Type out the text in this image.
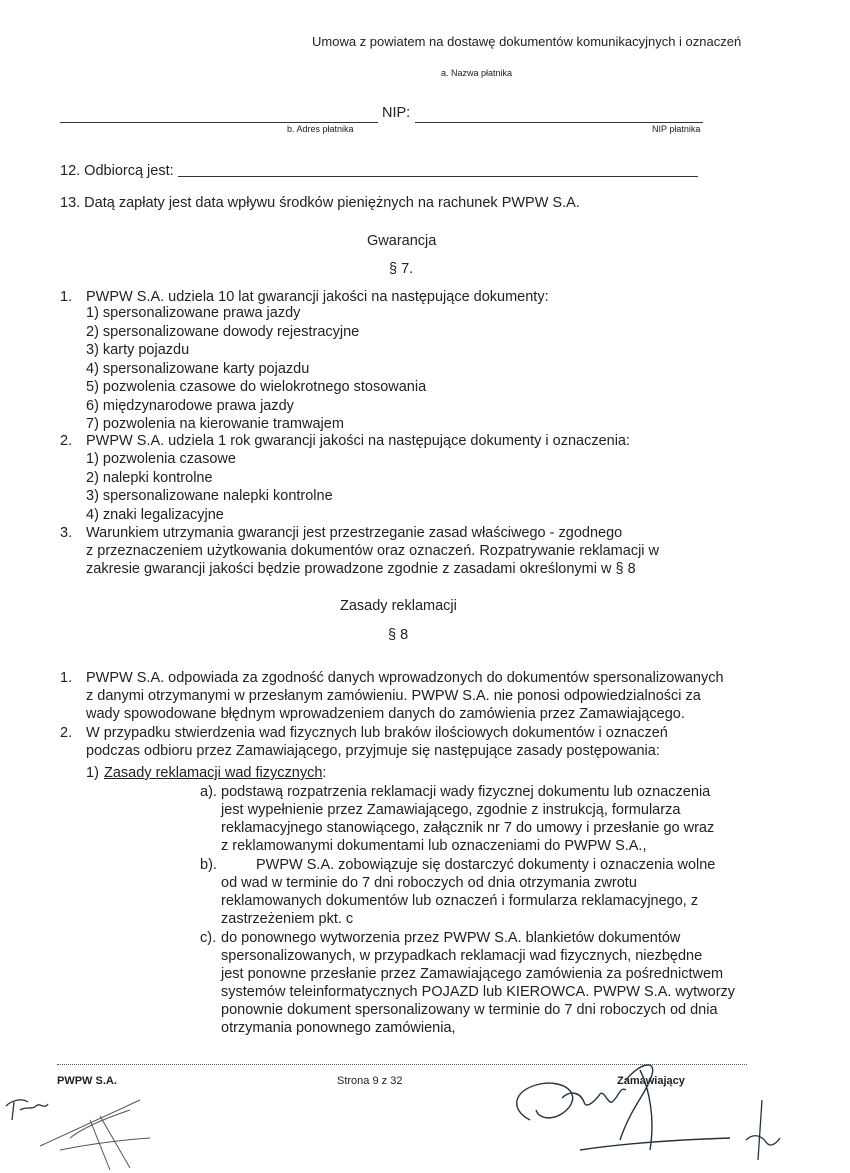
Umowa z powiatem na dostawę dokumentów komunikacyjnych i oznaczeń
a. Nazwa płatnika
NIP:
b. Adres płatnika	NIP płatnika
12. Odbiorcą jest:
13. Datą zapłaty jest data wpływu środków pieniężnych na rachunek PWPW S.A.
Gwarancja
§ 7.
1. PWPW S.A. udziela 10 lat gwarancji jakości na następujące dokumenty:
1) spersonalizowane prawa jazdy
2) spersonalizowane dowody rejestracyjne
3) karty pojazdu
4) spersonalizowane karty pojazdu
5) pozwolenia czasowe do wielokrotnego stosowania
6) międzynarodowe prawa jazdy
7) pozwolenia na kierowanie tramwajem
2. PWPW S.A. udziela 1 rok gwarancji jakości na następujące dokumenty i oznaczenia:
1) pozwolenia czasowe
2) nalepki kontrolne
3) spersonalizowane nalepki kontrolne
4) znaki legalizacyjne
3. Warunkiem utrzymania gwarancji jest przestrzeganie zasad właściwego - zgodnego
z przeznaczeniem użytkowania dokumentów oraz oznaczeń. Rozpatrywanie reklamacji w
zakresie gwarancji jakości będzie prowadzone zgodnie z zasadami określonymi w § 8
Zasady reklamacji
§ 8
1. PWPW S.A. odpowiada za zgodność danych wprowadzonych do dokumentów spersonalizowanych
z danymi otrzymanymi w przesłanym zamówieniu. PWPW S.A. nie ponosi odpowiedzialności za
wady spowodowane błędnym wprowadzeniem danych do zamówienia przez Zamawiającego.
2. W przypadku stwierdzenia wad fizycznych lub braków ilościowych dokumentów i oznaczeń
podczas odbioru przez Zamawiającego, przyjmuje się następujące zasady postępowania:
1) Zasady reklamacji wad fizycznych:
a). podstawą rozpatrzenia reklamacji wady fizycznej dokumentu lub oznaczenia
jest wypełnienie przez Zamawiającego, zgodnie z instrukcją, formularza
reklamacyjnego stanowiącego, załącznik nr 7 do umowy i przesłanie go wraz
z reklamowanymi dokumentami lub oznaczeniami do PWPW S.A.,
b).	PWPW S.A. zobowiązuje się dostarczyć dokumenty i oznaczenia wolne
od wad w terminie do 7 dni roboczych od dnia otrzymania zwrotu
reklamowanych dokumentów lub oznaczeń i formularza reklamacyjnego, z
zastrzeżeniem pkt. c
c). do ponownego wytworzenia przez PWPW S.A. blankietów dokumentów
spersonalizowanych, w przypadkach reklamacji wad fizycznych, niezbędne
jest ponowne przesłanie przez Zamawiającego zamówienia za pośrednictwem
systemów teleinformatycznych POJAZD lub KIEROWCA. PWPW S.A. wytworzy
ponownie dokument spersonalizowany w terminie do 7 dni roboczych od dnia
otrzymania ponownego zamówienia,
PWPW S.A.	Strona 9 z 32	Zamawiający
